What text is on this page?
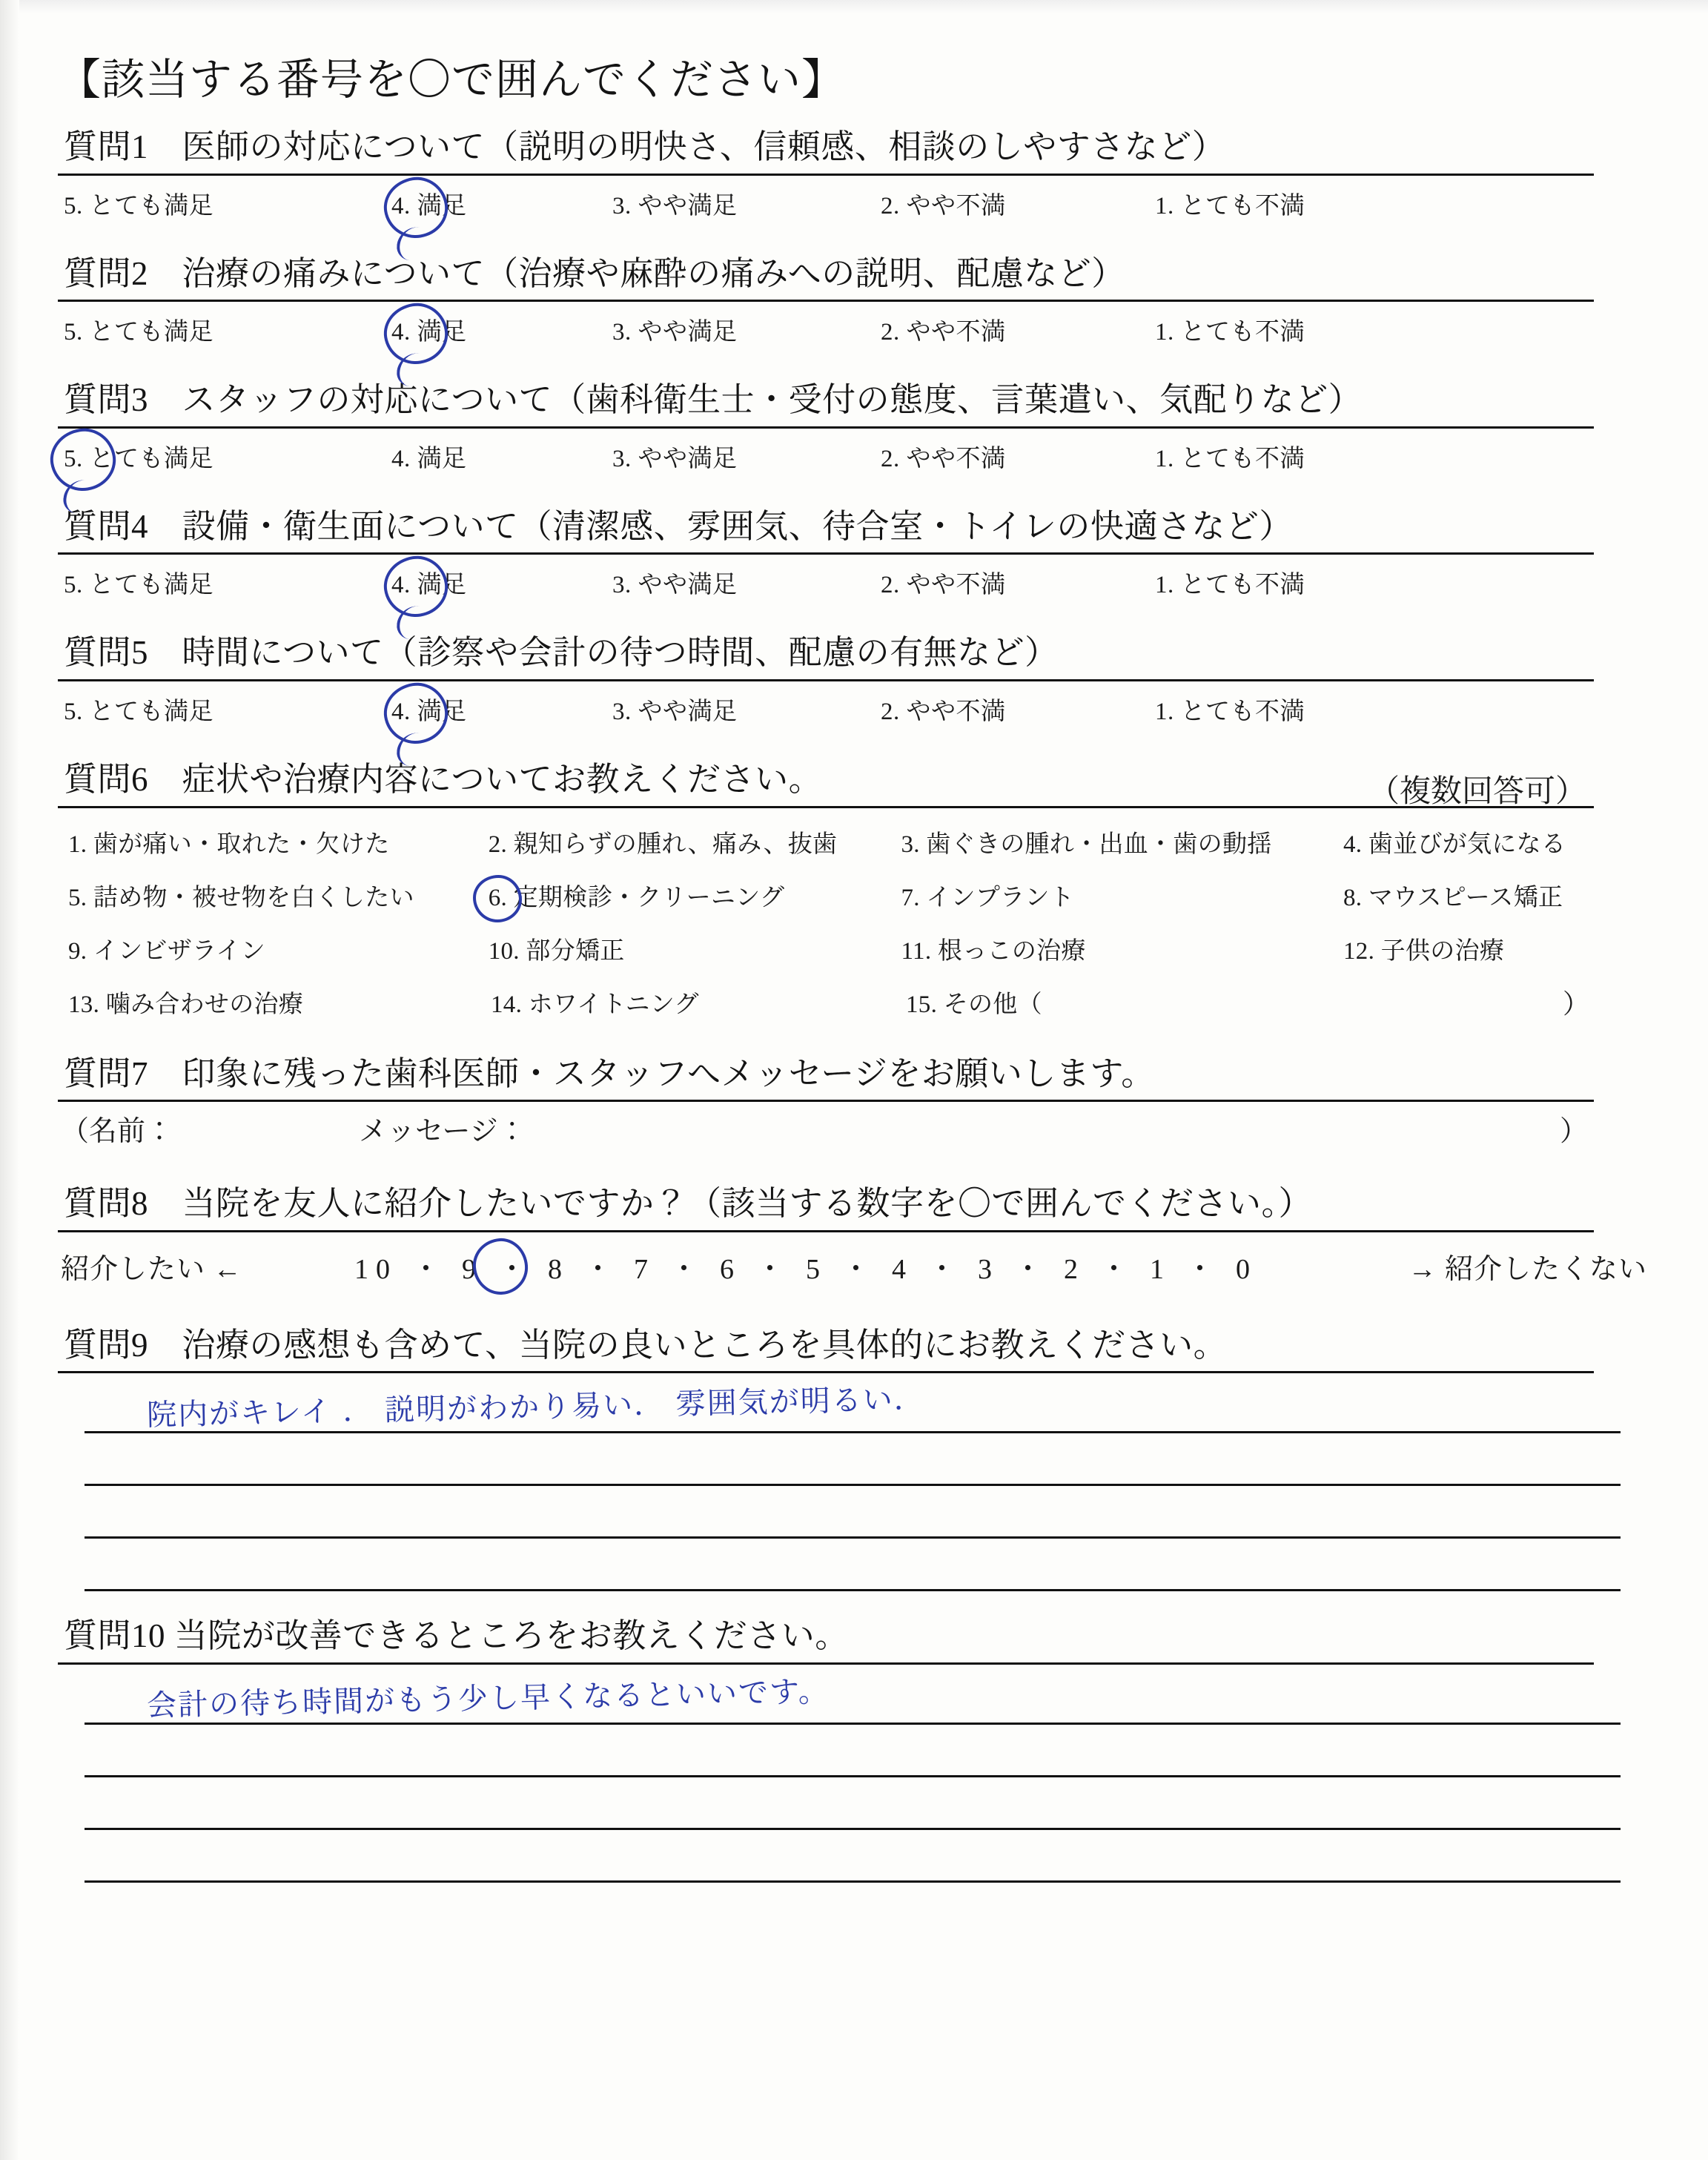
【該当する番号を〇で囲んでください】
質問1　医師の対応について（説明の明快さ、信頼感、相談のしやすさなど）
5. とても満足	4. 満足	3. やや満足	2. やや不満	1. とても不満
質問2　治療の痛みについて（治療や麻酔の痛みへの説明、配慮など）
5. とても満足	4. 満足	3. やや満足	2. やや不満	1. とても不満
質問3　スタッフの対応について（歯科衛生士・受付の態度、言葉遣い、気配りなど）
5. とても満足	4. 満足	3. やや満足	2. やや不満	1. とても不満
質問4　設備・衛生面について（清潔感、雰囲気、待合室・トイレの快適さなど）
5. とても満足	4. 満足	3. やや満足	2. やや不満	1. とても不満
質問5　時間について（診察や会計の待つ時間、配慮の有無など）
5. とても満足	4. 満足	3. やや満足	2. やや不満	1. とても不満
質問6　症状や治療内容についてお教えください。	（複数回答可）
1. 歯が痛い・取れた・欠けた	2. 親知らずの腫れ、痛み、抜歯	3. 歯ぐきの腫れ・出血・歯の動揺	4. 歯並びが気になる
5. 詰め物・被せ物を白くしたい	6. 定期検診・クリーニング	7. インプラント	8. マウスピース矯正
9. インビザライン	10. 部分矯正	11. 根っこの治療	12. 子供の治療
13. 噛み合わせの治療	14. ホワイトニング	15. その他（	）
質問7　印象に残った歯科医師・スタッフへメッセージをお願いします。
（名前：	メッセージ：	）
質問8　当院を友人に紹介したいですか？（該当する数字を〇で囲んでください。）
紹介したい ←	10 ・ 9 ・ 8 ・ 7 ・ 6 ・ 5 ・ 4 ・ 3 ・ 2 ・ 1 ・ 0	→ 紹介したくない
質問9　治療の感想も含めて、当院の良いところを具体的にお教えください。
院内がキレイ ． 説明がわかり易い． 雰囲気が明るい．
質問10 当院が改善できるところをお教えください。
会計の待ち時間がもう少し早くなるといいです。
